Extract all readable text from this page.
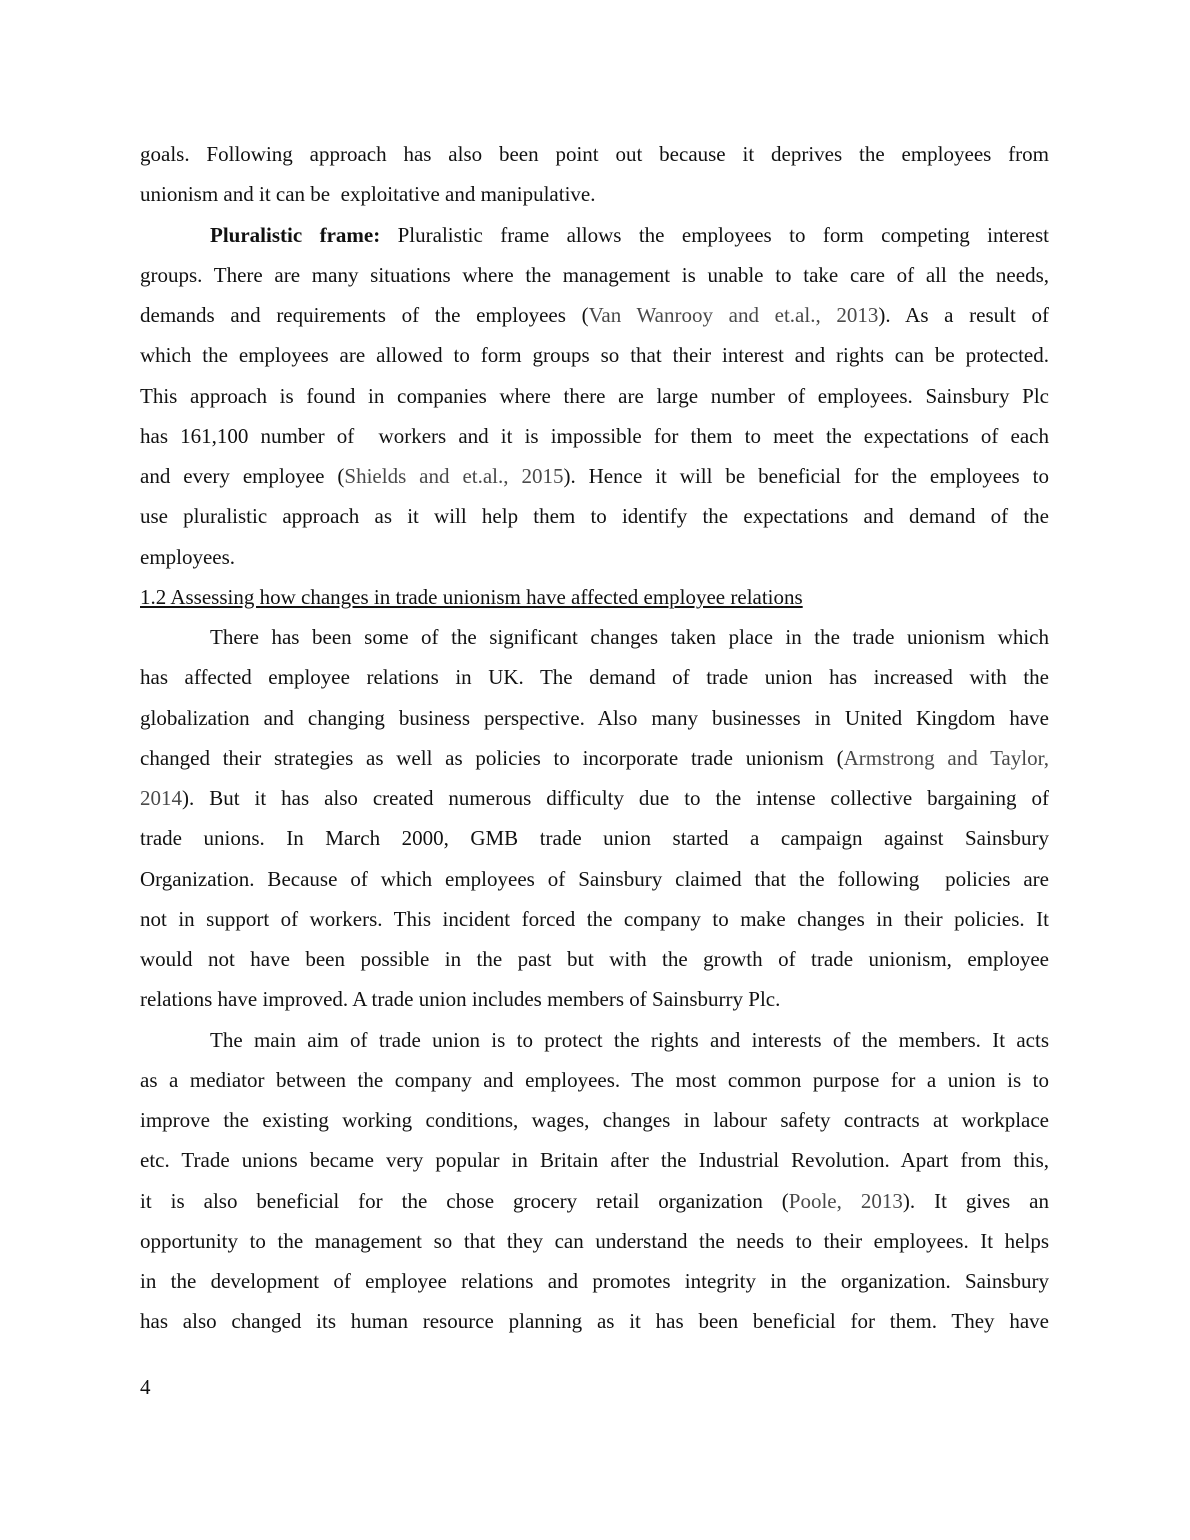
goals. Following approach has also been point out because it deprives the employees from
unionism and it can be  exploitative and manipulative.
Pluralistic frame: Pluralistic frame allows the employees to form competing interest
groups. There are many situations where the management is unable to take care of all the needs,
demands and requirements of the employees (Van Wanrooy and et.al., 2013). As a result of
which the employees are allowed to form groups so that their interest and rights can be protected.
This approach is found in companies where there are large number of employees. Sainsbury Plc
has 161,100 number of  workers and it is impossible for them to meet the expectations of each
and every employee (Shields and et.al., 2015). Hence it will be beneficial for the employees to
use pluralistic approach as it will help them to identify the expectations and demand of the
employees.
1.2 Assessing how changes in trade unionism have affected employee relations
There has been some of the significant changes taken place in the trade unionism which
has affected employee relations in UK. The demand of trade union has increased with the
globalization and changing business perspective. Also many businesses in United Kingdom have
changed their strategies as well as policies to incorporate trade unionism (Armstrong and Taylor,
2014). But it has also created numerous difficulty due to the intense collective bargaining of
trade unions. In March 2000, GMB trade union started a campaign against Sainsbury
Organization. Because of which employees of Sainsbury claimed that the following  policies are
not in support of workers. This incident forced the company to make changes in their policies. It
would not have been possible in the past but with the growth of trade unionism, employee
relations have improved. A trade union includes members of Sainsburry Plc.
The main aim of trade union is to protect the rights and interests of the members. It acts
as a mediator between the company and employees. The most common purpose for a union is to
improve the existing working conditions, wages, changes in labour safety contracts at workplace
etc. Trade unions became very popular in Britain after the Industrial Revolution. Apart from this,
it is also beneficial for the chose grocery retail organization (Poole, 2013). It gives an
opportunity to the management so that they can understand the needs to their employees. It helps
in the development of employee relations and promotes integrity in the organization. Sainsbury
has also changed its human resource planning as it has been beneficial for them. They have
4
